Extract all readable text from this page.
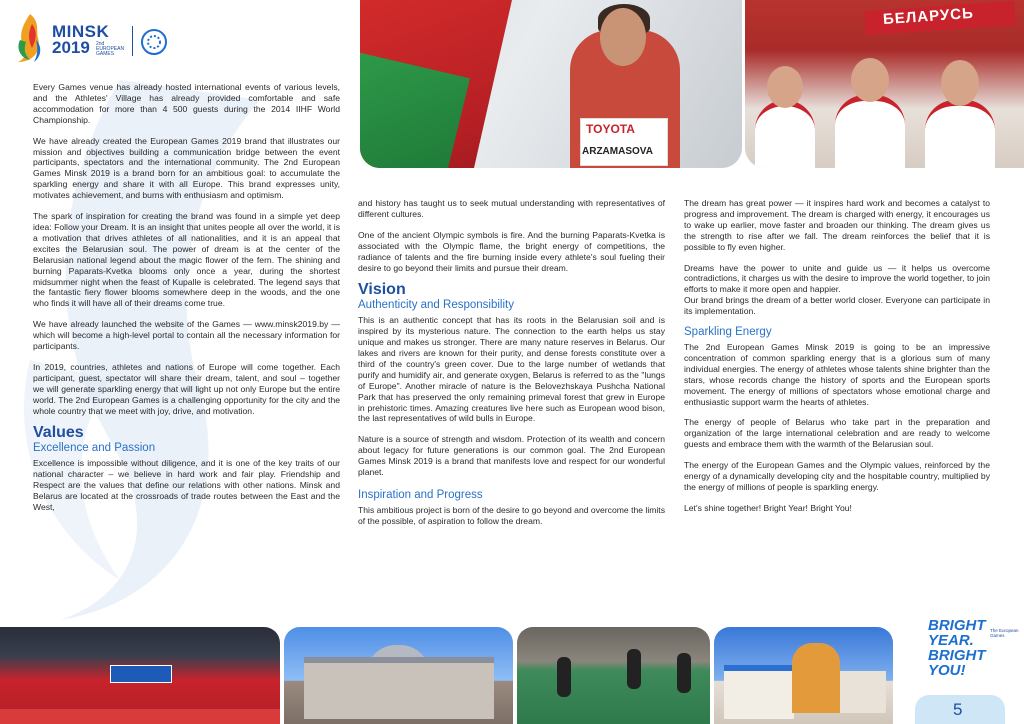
MINSK
2019 2nd EUROPEAN GAMES

Every Games venue has already hosted international events of various levels, and the Athletes' Village has already provided comfortable and safe accommodation for more than 4 500 guests during the 2014 IIHF World Championship.

We have already created the European Games 2019 brand that illustrates our mission and objectives building a communication bridge between the event participants, spectators and the international community. The 2nd European Games Minsk 2019 is a brand born for an ambitious goal: to accumulate the sparkling energy and share it with all Europe. This brand expresses unity, motivates achievement, and burns with enthusiasm and optimism.

The spark of inspiration for creating the brand was found in a simple yet deep idea: Follow your Dream. It is an insight that unites people all over the world, it is a motivation that drives athletes of all nationalities, and it is an appeal that excites the Belarusian soul. The power of dream is at the center of the Belarusian national legend about the magic flower of the fern. The shining and burning Paparats-Kvetka blooms only once a year, during the shortest midsummer night when the feast of Kupalle is celebrated. The legend says that the fantastic fiery flower blooms somewhere deep in the woods, and the one who finds it will have all of their dreams come true.

We have already launched the website of the Games — www.minsk2019.by — which will become a high-level portal to contain all the necessary information for participants.

In 2019, countries, athletes and nations of Europe will come together. Each participant, guest, spectator will share their dream, talent, and soul – together we will generate sparkling energy that will light up not only Europe but the entire world. The 2nd European Games is a challenging opportunity for the city and the whole country that we meet with joy, drive, and motivation.

Values
Excellence and Passion

Excellence is impossible without diligence, and it is one of the key traits of our national character – we believe in hard work and fair play. Friendship and Respect are the values that define our relations with other nations. Minsk and Belarus are located at the crossroads of trade routes between the East and the West,

and history has taught us to seek mutual understanding with representatives of different cultures.

One of the ancient Olympic symbols is fire. And the burning Paparats-Kvetka is associated with the Olympic flame, the bright energy of competitions, the radiance of talents and the fire burning inside every athlete's soul fueling their desire to go beyond their limits and pursue their dream.

Vision
Authenticity and Responsibility

This is an authentic concept that has its roots in the Belarusian soil and is inspired by its mysterious nature. The connection to the earth helps us stay unique and makes us stronger. There are many nature reserves in Belarus. Our lakes and rivers are known for their purity, and dense forests constitute over a third of the country's green cover. Due to the large number of wetlands that purify and humidify air, and generate oxygen, Belarus is referred to as the "lungs of Europe". Another miracle of nature is the Belovezhskaya Pushcha National Park that has preserved the only remaining primeval forest that grew in Europe in prehistoric times. Amazing creatures live here such as European wood bison, the last representatives of wild bulls in Europe.

Nature is a source of strength and wisdom. Protection of its wealth and concern about legacy for future generations is our common goal. The 2nd European Games Minsk 2019 is a brand that manifests love and respect for our wonderful planet.

Inspiration and Progress

This ambitious project is born of the desire to go beyond and overcome the limits of the possible, of aspiration to follow the dream.

The dream has great power — it inspires hard work and becomes a catalyst to progress and improvement. The dream is charged with energy, it encourages us to wake up earlier, move faster and broaden our thinking. The dream gives us the strength to rise after we fall. The dream reinforces the belief that it is possible to fly even higher.

Dreams have the power to unite and guide us — it helps us overcome contradictions, it charges us with the desire to improve the world together, to join efforts to make it more open and happier.

Our brand brings the dream of a better world closer. Everyone can participate in its implementation.

Sparkling Energy

The 2nd European Games Minsk 2019 is going to be an impressive concentration of common sparkling energy that is a glorious sum of many individual energies. The energy of athletes whose talents shine brighter than the stars, whose records change the history of sports and the European sports movement. The energy of millions of spectators whose emotional charge and enthusiastic support warm the hearts of athletes.

The energy of people of Belarus who take part in the preparation and organization of the large international celebration and are ready to welcome guests and embrace them with the warmth of the Belarusian soul.

The energy of the European Games and the Olympic values, reinforced by the energy of a dynamically developing city and the hospitable country, multiplied by the energy of millions of people is sparkling energy.

Let's shine together! Bright Year! Bright You!

TOYOTA
ARZAMASOVA
БЕЛАРУСЬ
BRIGHT
YEAR.
BRIGHT
YOU!
The European Games
5
